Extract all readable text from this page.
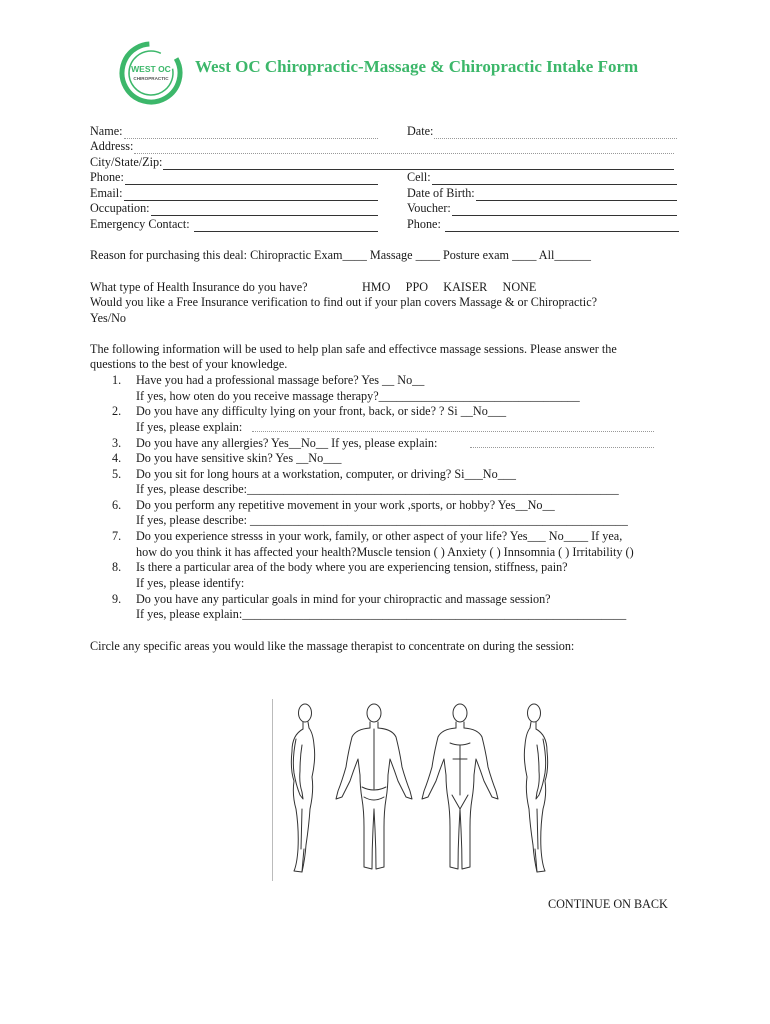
WEST OC
CHIROPRACTIC
West OC Chiropractic-Massage & Chiropractic Intake Form
Name:	Date:
Address:
City/State/Zip:
Phone:	Cell:
Email:	Date of Birth:
Occupation:	Voucher:
Emergency Contact:	Phone:
Reason for purchasing this deal: Chiropractic Exam____ Massage ____ Posture exam ____ All______
What type of Health Insurance do you have?	HMO     PPO     KAISER     NONE
Would you like a Free Insurance verification to find out if your plan covers Massage & or Chiropractic?
Yes/No
The following information will be used to help plan safe and effectivce massage sessions. Please answer the
questions to the best of your knowledge.
1. Have you had a professional massage before? Yes __ No__
If yes, how oten do you receive massage therapy?_________________________________
2. Do you have any difficulty lying on your front, back, or side? ? Si __No___
If yes, please explain:
3. Do you have any allergies? Yes__No__ If yes, please explain:
4. Do you have sensitive skin? Yes __No___
5. Do you sit for long hours at a workstation, computer, or driving? Si___No___
If yes, please describe:_____________________________________________________________
6. Do you perform any repetitive movement in your work ,sports, or hobby? Yes__No__
If yes, please describe: ______________________________________________________________
7. Do you experience stresss in your work, family, or other aspect of your life? Yes___ No____ If yea,
how do you think it has affected your health?Muscle tension ( ) Anxiety ( ) Innsomnia ( ) Irritability ()
8. Is there a particular area of the body where you are experiencing tension, stiffness, pain?
If yes, please identify:
9. Do you have any particular goals in mind for your chiropractic and massage session?
If yes, please explain:_______________________________________________________________
Circle any specific areas you would like the massage therapist to concentrate on during the session:
CONTINUE ON BACK
